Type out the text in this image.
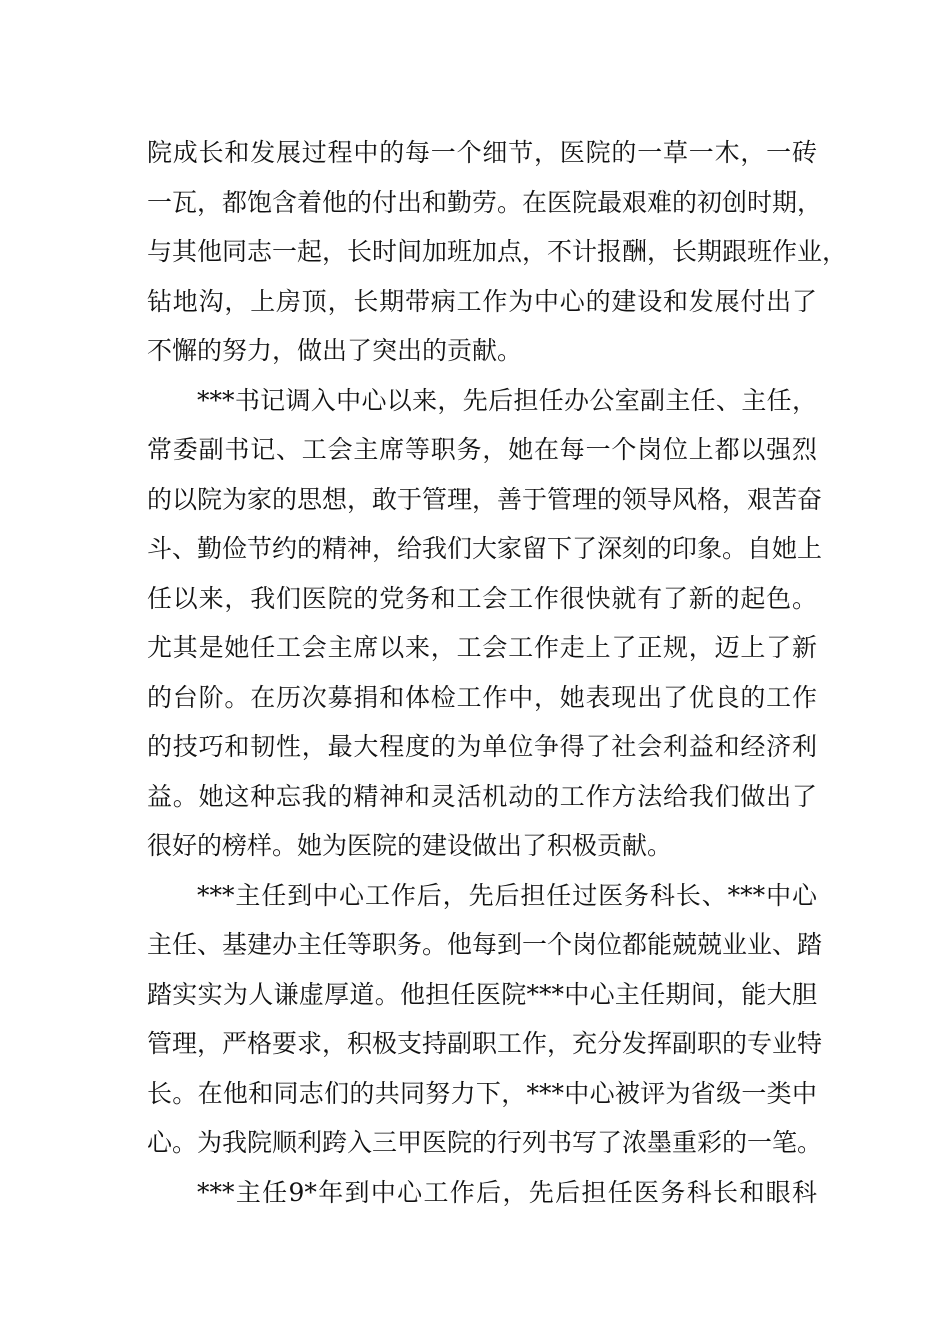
院成长和发展过程中的每一个细节，医院的一草一木，一砖
一瓦，都饱含着他的付出和勤劳。在医院最艰难的初创时期，
与其他同志一起，长时间加班加点，不计报酬，长期跟班作业，
钻地沟，上房顶，长期带病工作为中心的建设和发展付出了
不懈的努力，做出了突出的贡献。
***书记调入中心以来，先后担任办公室副主任、主任，
常委副书记、工会主席等职务，她在每一个岗位上都以强烈
的以院为家的思想，敢于管理，善于管理的领导风格，艰苦奋
斗、勤俭节约的精神，给我们大家留下了深刻的印象。自她上
任以来，我们医院的党务和工会工作很快就有了新的起色。
尤其是她任工会主席以来，工会工作走上了正规，迈上了新
的台阶。在历次募捐和体检工作中，她表现出了优良的工作
的技巧和韧性，最大程度的为单位争得了社会利益和经济利
益。她这种忘我的精神和灵活机动的工作方法给我们做出了
很好的榜样。她为医院的建设做出了积极贡献。
***主任到中心工作后，先后担任过医务科长、***中心
主任、基建办主任等职务。他每到一个岗位都能兢兢业业、踏
踏实实为人谦虚厚道。他担任医院***中心主任期间，能大胆
管理，严格要求，积极支持副职工作，充分发挥副职的专业特
长。在他和同志们的共同努力下，***中心被评为省级一类中
心。为我院顺利跨入三甲医院的行列书写了浓墨重彩的一笔。
***主任9*年到中心工作后，先后担任医务科长和眼科
